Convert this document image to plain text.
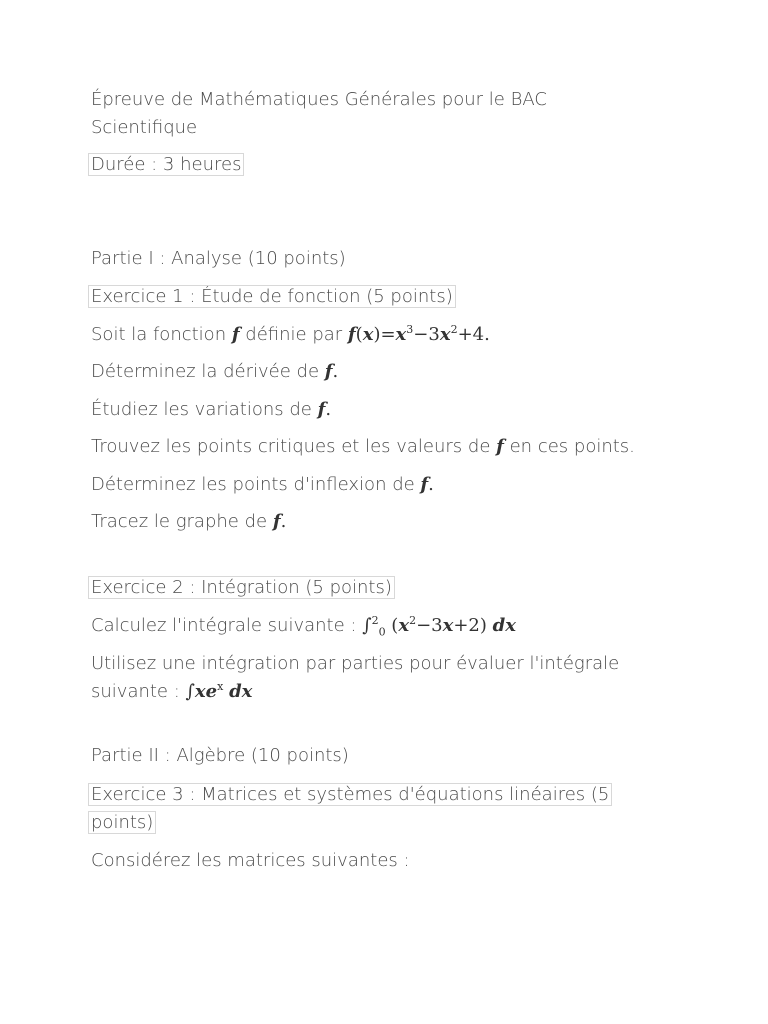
Épreuve de Mathématiques Générales pour le BAC
Scientifique
Durée : 3 heures
Partie I : Analyse (10 points)
Exercice 1 : Étude de fonction (5 points)
Soit la fonction f définie par $f(x)=x^3-3x^2+4$.
Déterminez la dérivée de f.
Étudiez les variations de f.
Trouvez les points critiques et les valeurs de f en ces points.
Déterminez les points d'inflexion de f.
Tracez le graphe de f.
Exercice 2 : Intégration (5 points)
Calculez l'intégrale suivante : ∫$^2_0$ $(x^2-3x+2)$ dx
Utilisez une intégration par parties pour évaluer l'intégrale
suivante : $\int xe^x$ dx
Partie II : Algèbre (10 points)
Exercice 3 : Matrices et systèmes d'équations linéaires (5
points)
Considérez les matrices suivantes :
